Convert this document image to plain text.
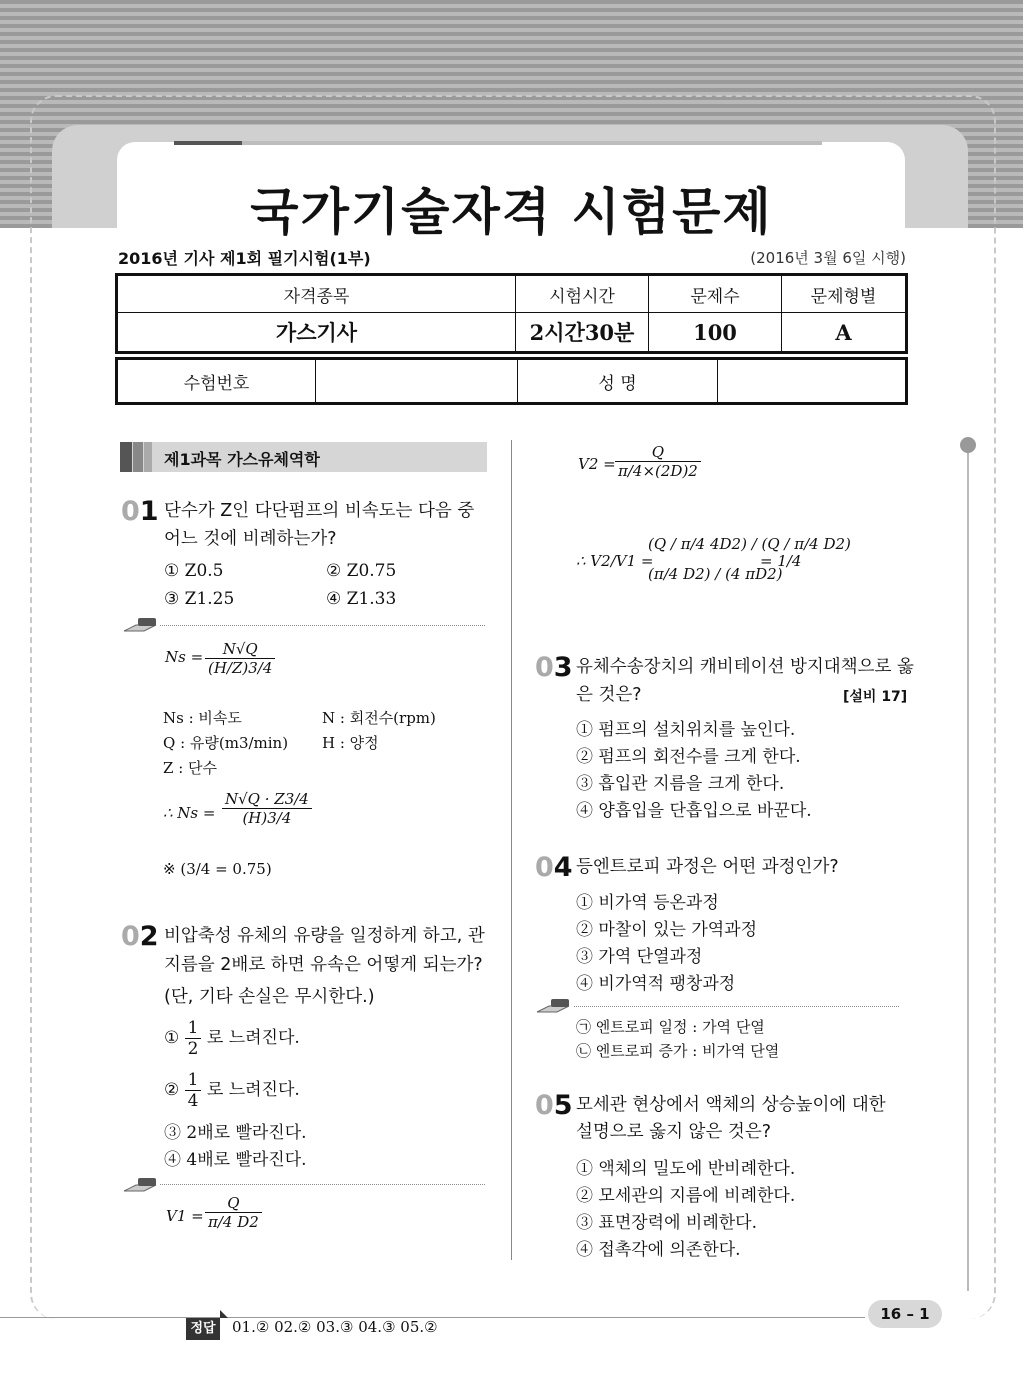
국가기술자격 시험문제
2016년 기사 제1회 필기시험(1부)	(2016년 3월 6일 시행)
자격종목	시험시간	문제수	문제형별
가스기사	2시간30분	100	A
수험번호		성 명	
제1과목 가스유체역학
01 단수가 Z인 다단펌프의 비속도는 다음 중
어느 것에 비례하는가?
① Z0.5	② Z0.75
③ Z1.25	④ Z1.33
$Ns = \frac{N√Q}{(H/Z)3/4}$
Ns : 비속도	N : 회전수(rpm)
Q : 유량(m3/min) H : 양정
Z : 단수
∴ $Ns = \frac{N√Q \cdot Z3/4}{(H)3/4}$
※ (3/4 = 0.75)
02 비압축성 유체의 유량을 일정하게 하고, 관
지름을 2배로 하면 유속은 어떻게 되는가?
(단, 기타 손실은 무시한다.)
① $\frac{1}{2}$ 로 느려진다.
② $\frac{1}{4}$ 로 느려진다.
③ 2배로 빨라진다.
④ 4배로 빨라진다.
$V1 = \frac{Q}{\pi/4 D2}$
$V2 = \frac{Q}{\pi/4\times(2D)2}$
∴ V2/V1 =
(Q / π/4 4D2) / (Q / π/4 D2)
(π/4 D2) / (4 πD2)
= 1/4
03 유체수송장치의 캐비테이션 방지대책으로 옳
은 것은?	[설비 17]
① 펌프의 설치위치를 높인다.
② 펌프의 회전수를 크게 한다.
③ 흡입관 지름을 크게 한다.
④ 양흡입을 단흡입으로 바꾼다.
04 등엔트로피 과정은 어떤 과정인가?
① 비가역 등온과정
② 마찰이 있는 가역과정
③ 가역 단열과정
④ 비가역적 팽창과정
㉠ 엔트로피 일정 : 가역 단열
㉡ 엔트로피 증가 : 비가역 단열
05 모세관 현상에서 액체의 상승높이에 대한
설명으로 옳지 않은 것은?
① 액체의 밀도에 반비례한다.
② 모세관의 지름에 비례한다.
③ 표면장력에 비례한다.
④ 접촉각에 의존한다.
정답 01.② 02.② 03.③ 04.③ 05.②
16 – 1
